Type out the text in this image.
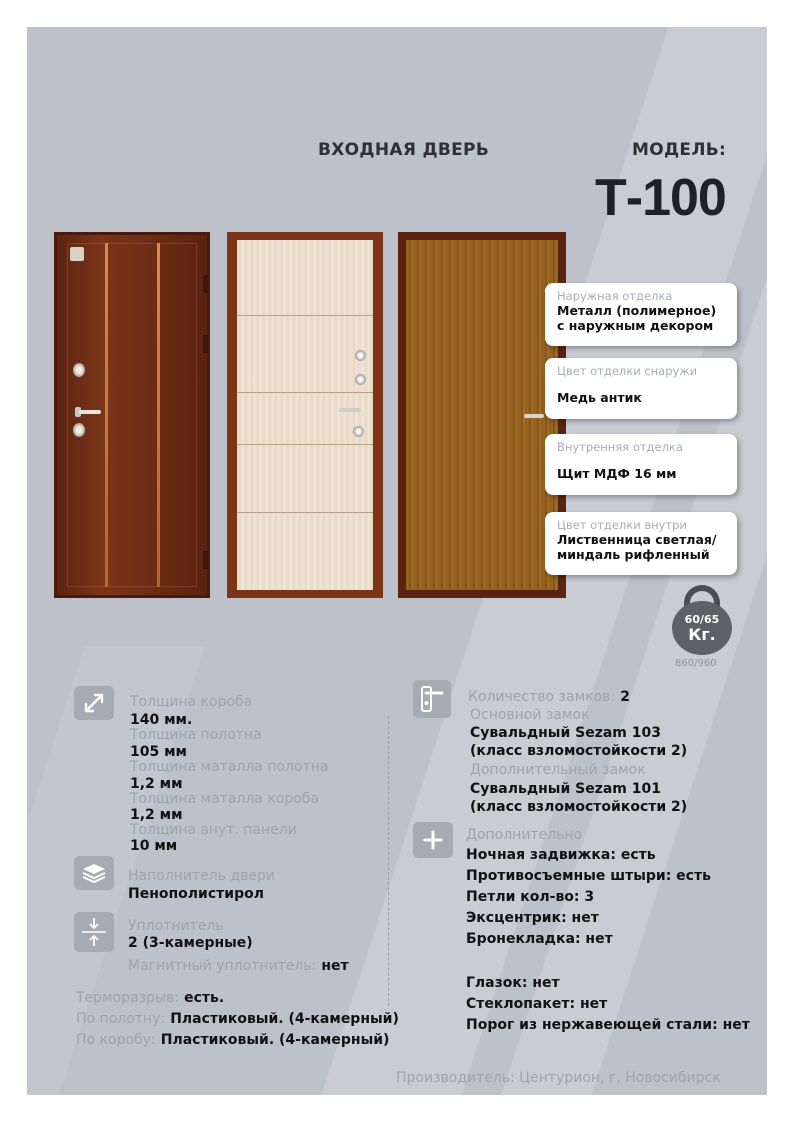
ВХОДНАЯ ДВЕРЬ	МОДЕЛЬ:
Т-100
Наружная отделка
Металл (полимерное)
с наружным декором
Цвет отделки снаружи
Медь антик
Внутренняя отделка
Щит МДФ 16 мм
Цвет отделки внутри
Лиственница светлая/
миндаль рифленный
60/65
Кг.
860/960
Толщина короба
140 мм.
Толщина полотна
105 мм
Толщина маталла полотна
1,2 мм
Толщина маталла короба
1,2 мм
Толщина внут. панели
10 мм
Наполнитель двери
Пенополистирол
Уплотнитель
2 (3-камерные)
Магнитный уплотнитель: нет
Терморазрыв: есть.
По полотну: Пластиковый. (4-камерный)
По коробу: Пластиковый. (4-камерный)
Количество замков: 2
Основной замок
Сувальдный Sezam 103
(класс взломостойкости 2)
Дополнительный замок
Сувальдный Sezam 101
(класс взломостойкости 2)
Дополнительно
Ночная задвижка: есть
Противосъемные штыри: есть
Петли кол-во: 3
Эксцентрик: нет
Бронекладка: нет
Глазок: нет
Стеклопакет: нет
Порог из нержавеющей стали: нет
Производитель: Центурион, г. Новосибирск
